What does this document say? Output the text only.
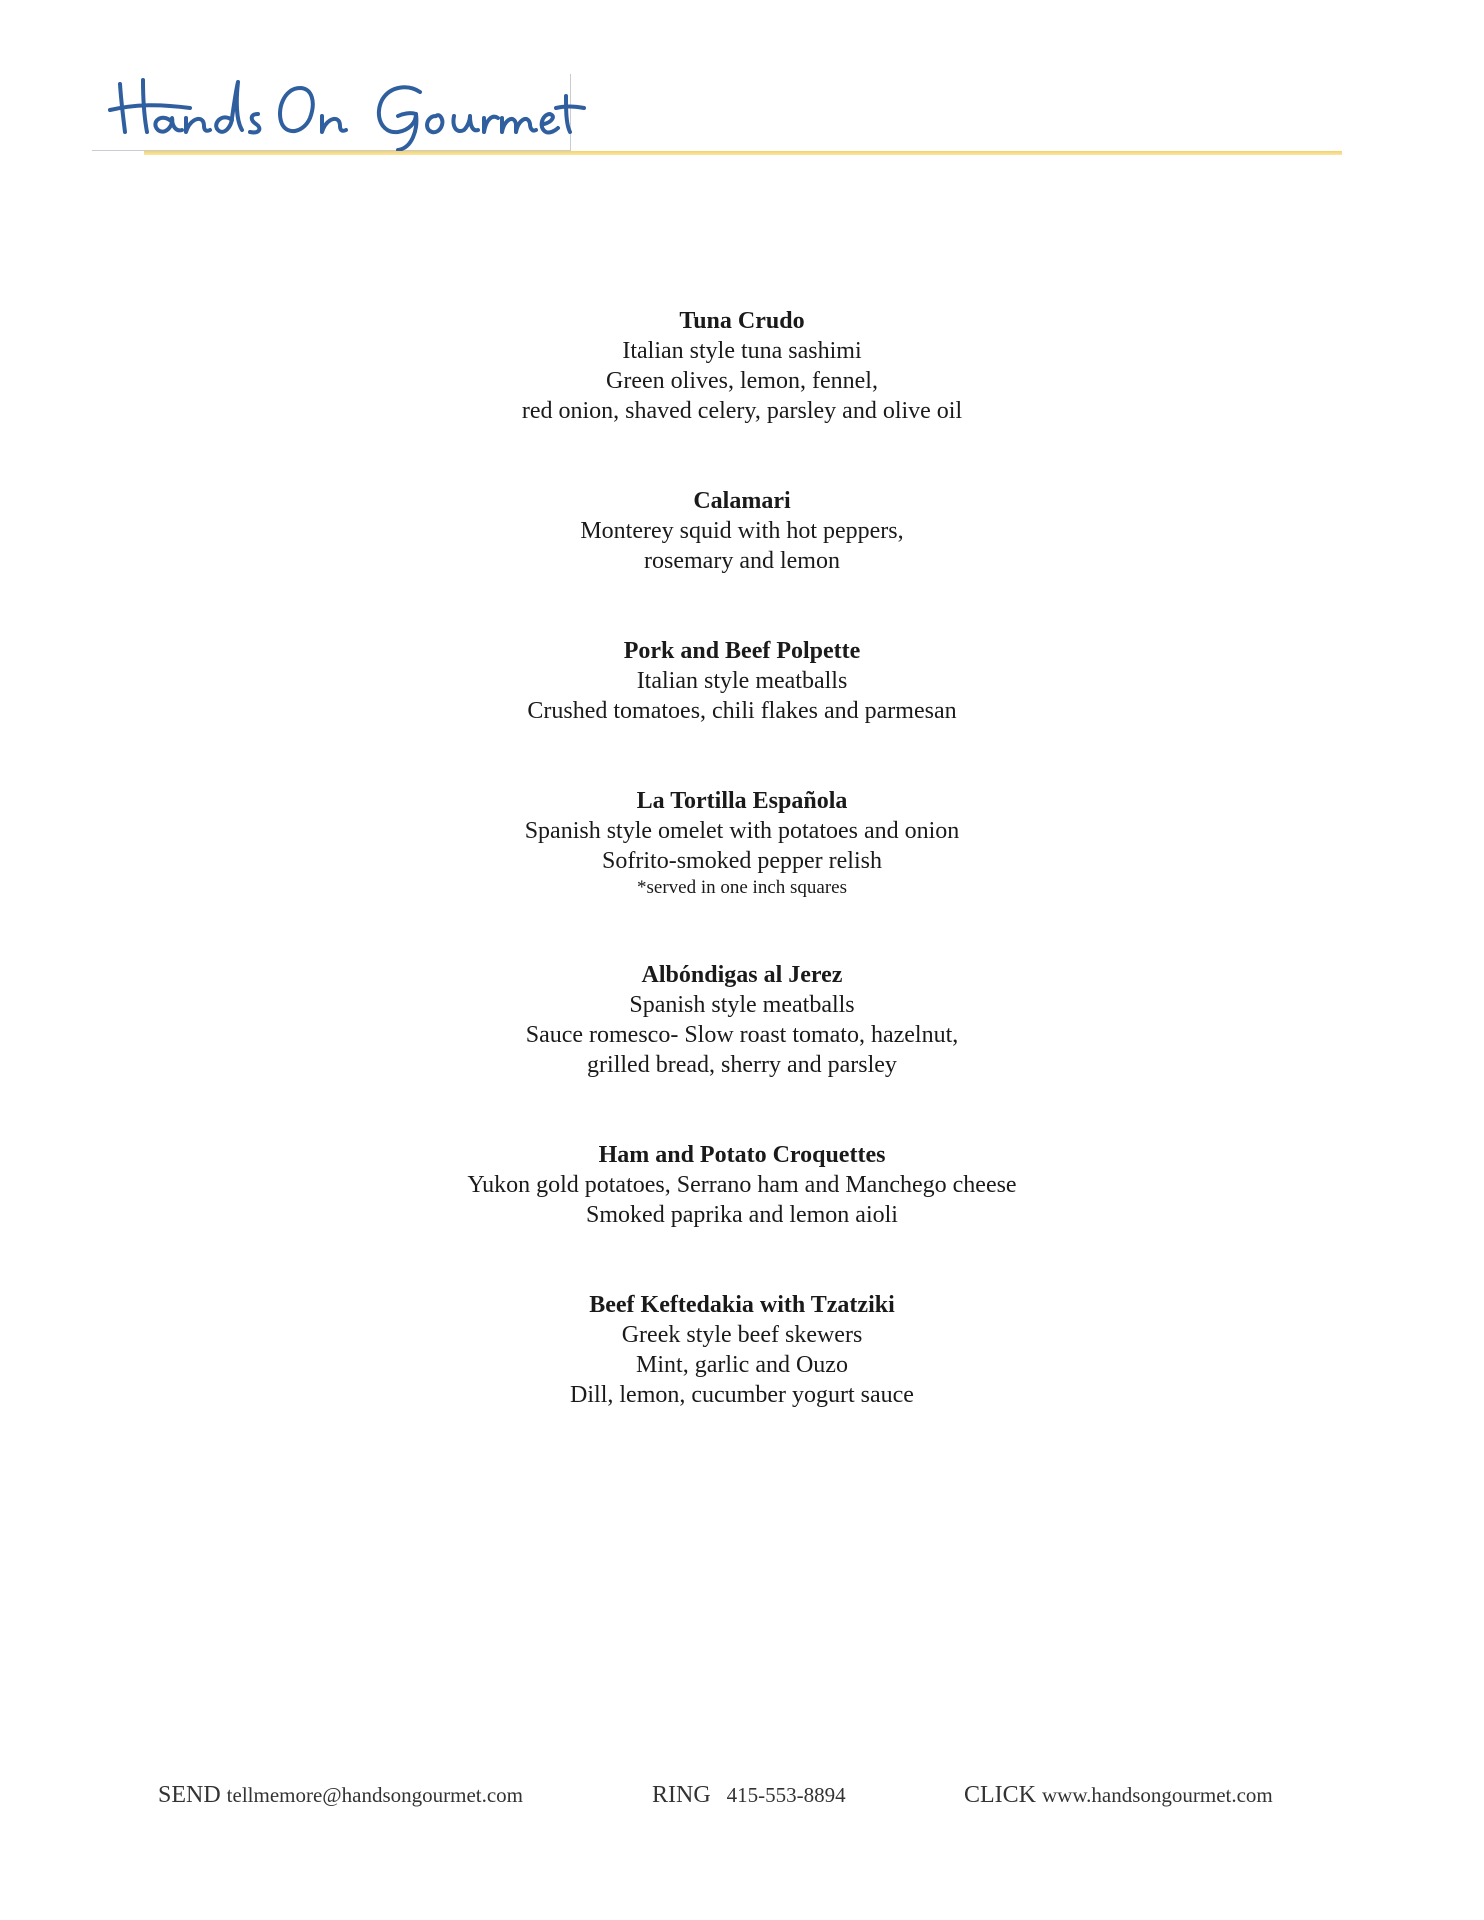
Tuna Crudo
Italian style tuna sashimi
Green olives, lemon, fennel,
red onion, shaved celery, parsley and olive oil
Calamari
Monterey squid with hot peppers,
rosemary and lemon
Pork and Beef Polpette
Italian style meatballs
Crushed tomatoes, chili flakes and parmesan
La Tortilla Española
Spanish style omelet with potatoes and onion
Sofrito-smoked pepper relish
*served in one inch squares
Albóndigas al Jerez
Spanish style meatballs
Sauce romesco- Slow roast tomato, hazelnut,
grilled bread, sherry and parsley
Ham and Potato Croquettes
Yukon gold potatoes, Serrano ham and Manchego cheese
Smoked paprika and lemon aioli
Beef Keftedakia with Tzatziki
Greek style beef skewers
Mint, garlic and Ouzo
Dill, lemon, cucumber yogurt sauce
SEND tellmemore@handsongourmet.com	RING 415-553-8894	CLICK www.handsongourmet.com
